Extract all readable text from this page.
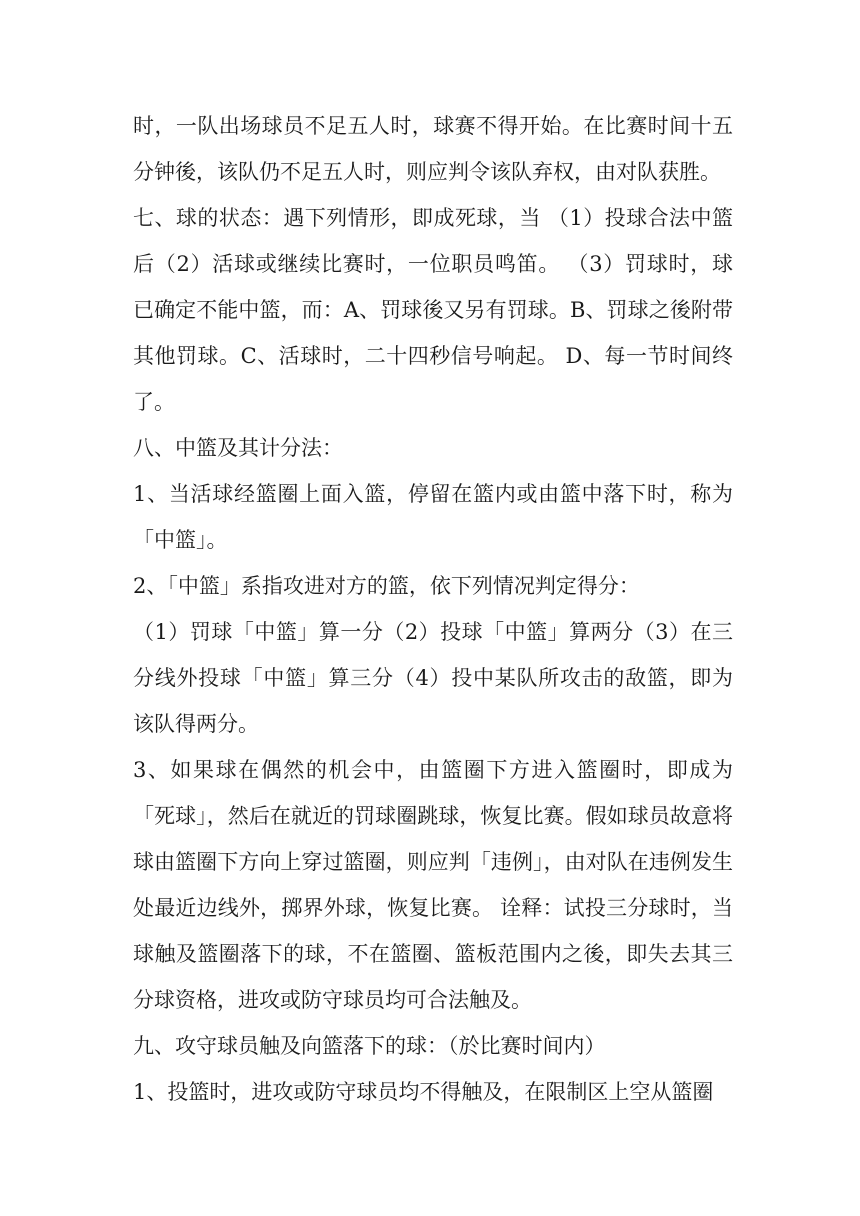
时，一队出场球员不足五人时，球赛不得开始。在比赛时间十五分钟後，该队仍不足五人时，则应判令该队弃权，由对队获胜。

七、球的状态：遇下列情形，即成死球，当 （1）投球合法中篮后（2）活球或继续比赛时，一位职员鸣笛。 （3）罚球时，球已确定不能中篮，而：A、罚球後又另有罚球。B、罚球之後附带其他罚球。C、活球时，二十四秒信号响起。 D、每一节时间终了。

八、中篮及其计分法：

1、当活球经篮圈上面入篮，停留在篮内或由篮中落下时，称为「中篮」。

2、「中篮」系指攻进对方的篮，依下列情况判定得分：

（1）罚球「中篮」算一分（2）投球「中篮」算两分（3）在三分线外投球「中篮」算三分（4）投中某队所攻击的敌篮，即为该队得两分。

3、如果球在偶然的机会中，由篮圈下方进入篮圈时，即成为「死球」，然后在就近的罚球圈跳球，恢复比赛。假如球员故意将球由篮圈下方向上穿过篮圈，则应判「违例」，由对队在违例发生处最近边线外，掷界外球，恢复比赛。 诠释：试投三分球时，当球触及篮圈落下的球，不在篮圈、篮板范围内之後，即失去其三分球资格，进攻或防守球员均可合法触及。

九、攻守球员触及向篮落下的球：（於比赛时间内）

1、投篮时，进攻或防守球员均不得触及，在限制区上空从篮圈
